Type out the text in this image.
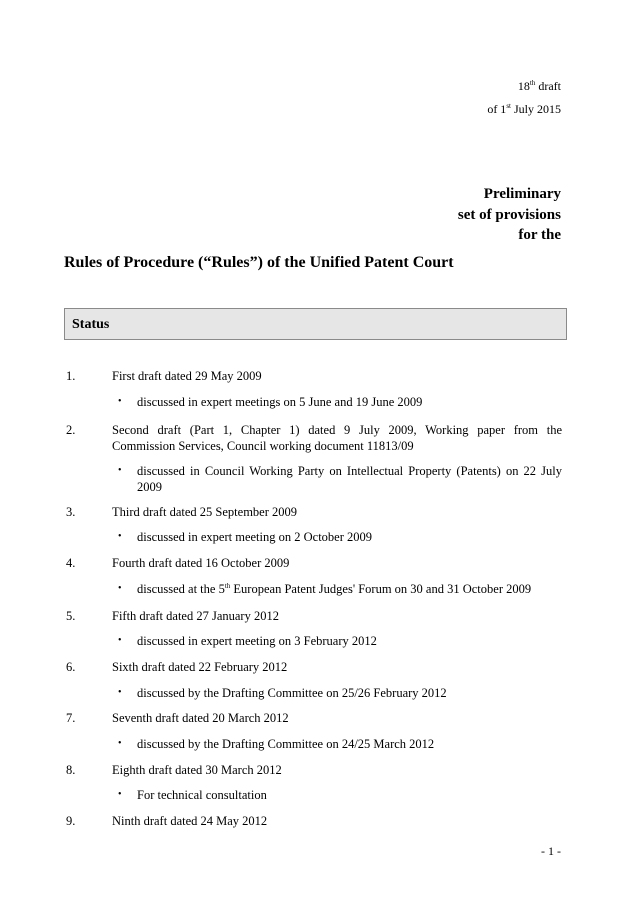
18th draft
of 1st July 2015
Preliminary
set of provisions
for the
Rules of Procedure (“Rules”) of the Unified Patent Court
Status
1.	First draft dated 29 May 2009
• discussed in expert meetings on 5 June and 19 June 2009
2.	Second draft (Part 1, Chapter 1) dated 9 July 2009, Working paper from the
Commission Services, Council working document 11813/09
• discussed in Council Working Party on Intellectual Property (Patents) on 22 July
2009
3.	Third draft dated 25 September 2009
• discussed in expert meeting on 2 October 2009
4.	Fourth draft dated 16 October 2009
• discussed at the 5th European Patent Judges' Forum on 30 and 31 October 2009
5.	Fifth draft dated 27 January 2012
• discussed in expert meeting on 3 February 2012
6.	Sixth draft dated 22 February 2012
• discussed by the Drafting Committee on 25/26 February 2012
7.	Seventh draft dated 20 March 2012
• discussed by the Drafting Committee on 24/25 March 2012
8.	Eighth draft dated 30 March 2012
• For technical consultation
9.	Ninth draft dated 24 May 2012
- 1 -
